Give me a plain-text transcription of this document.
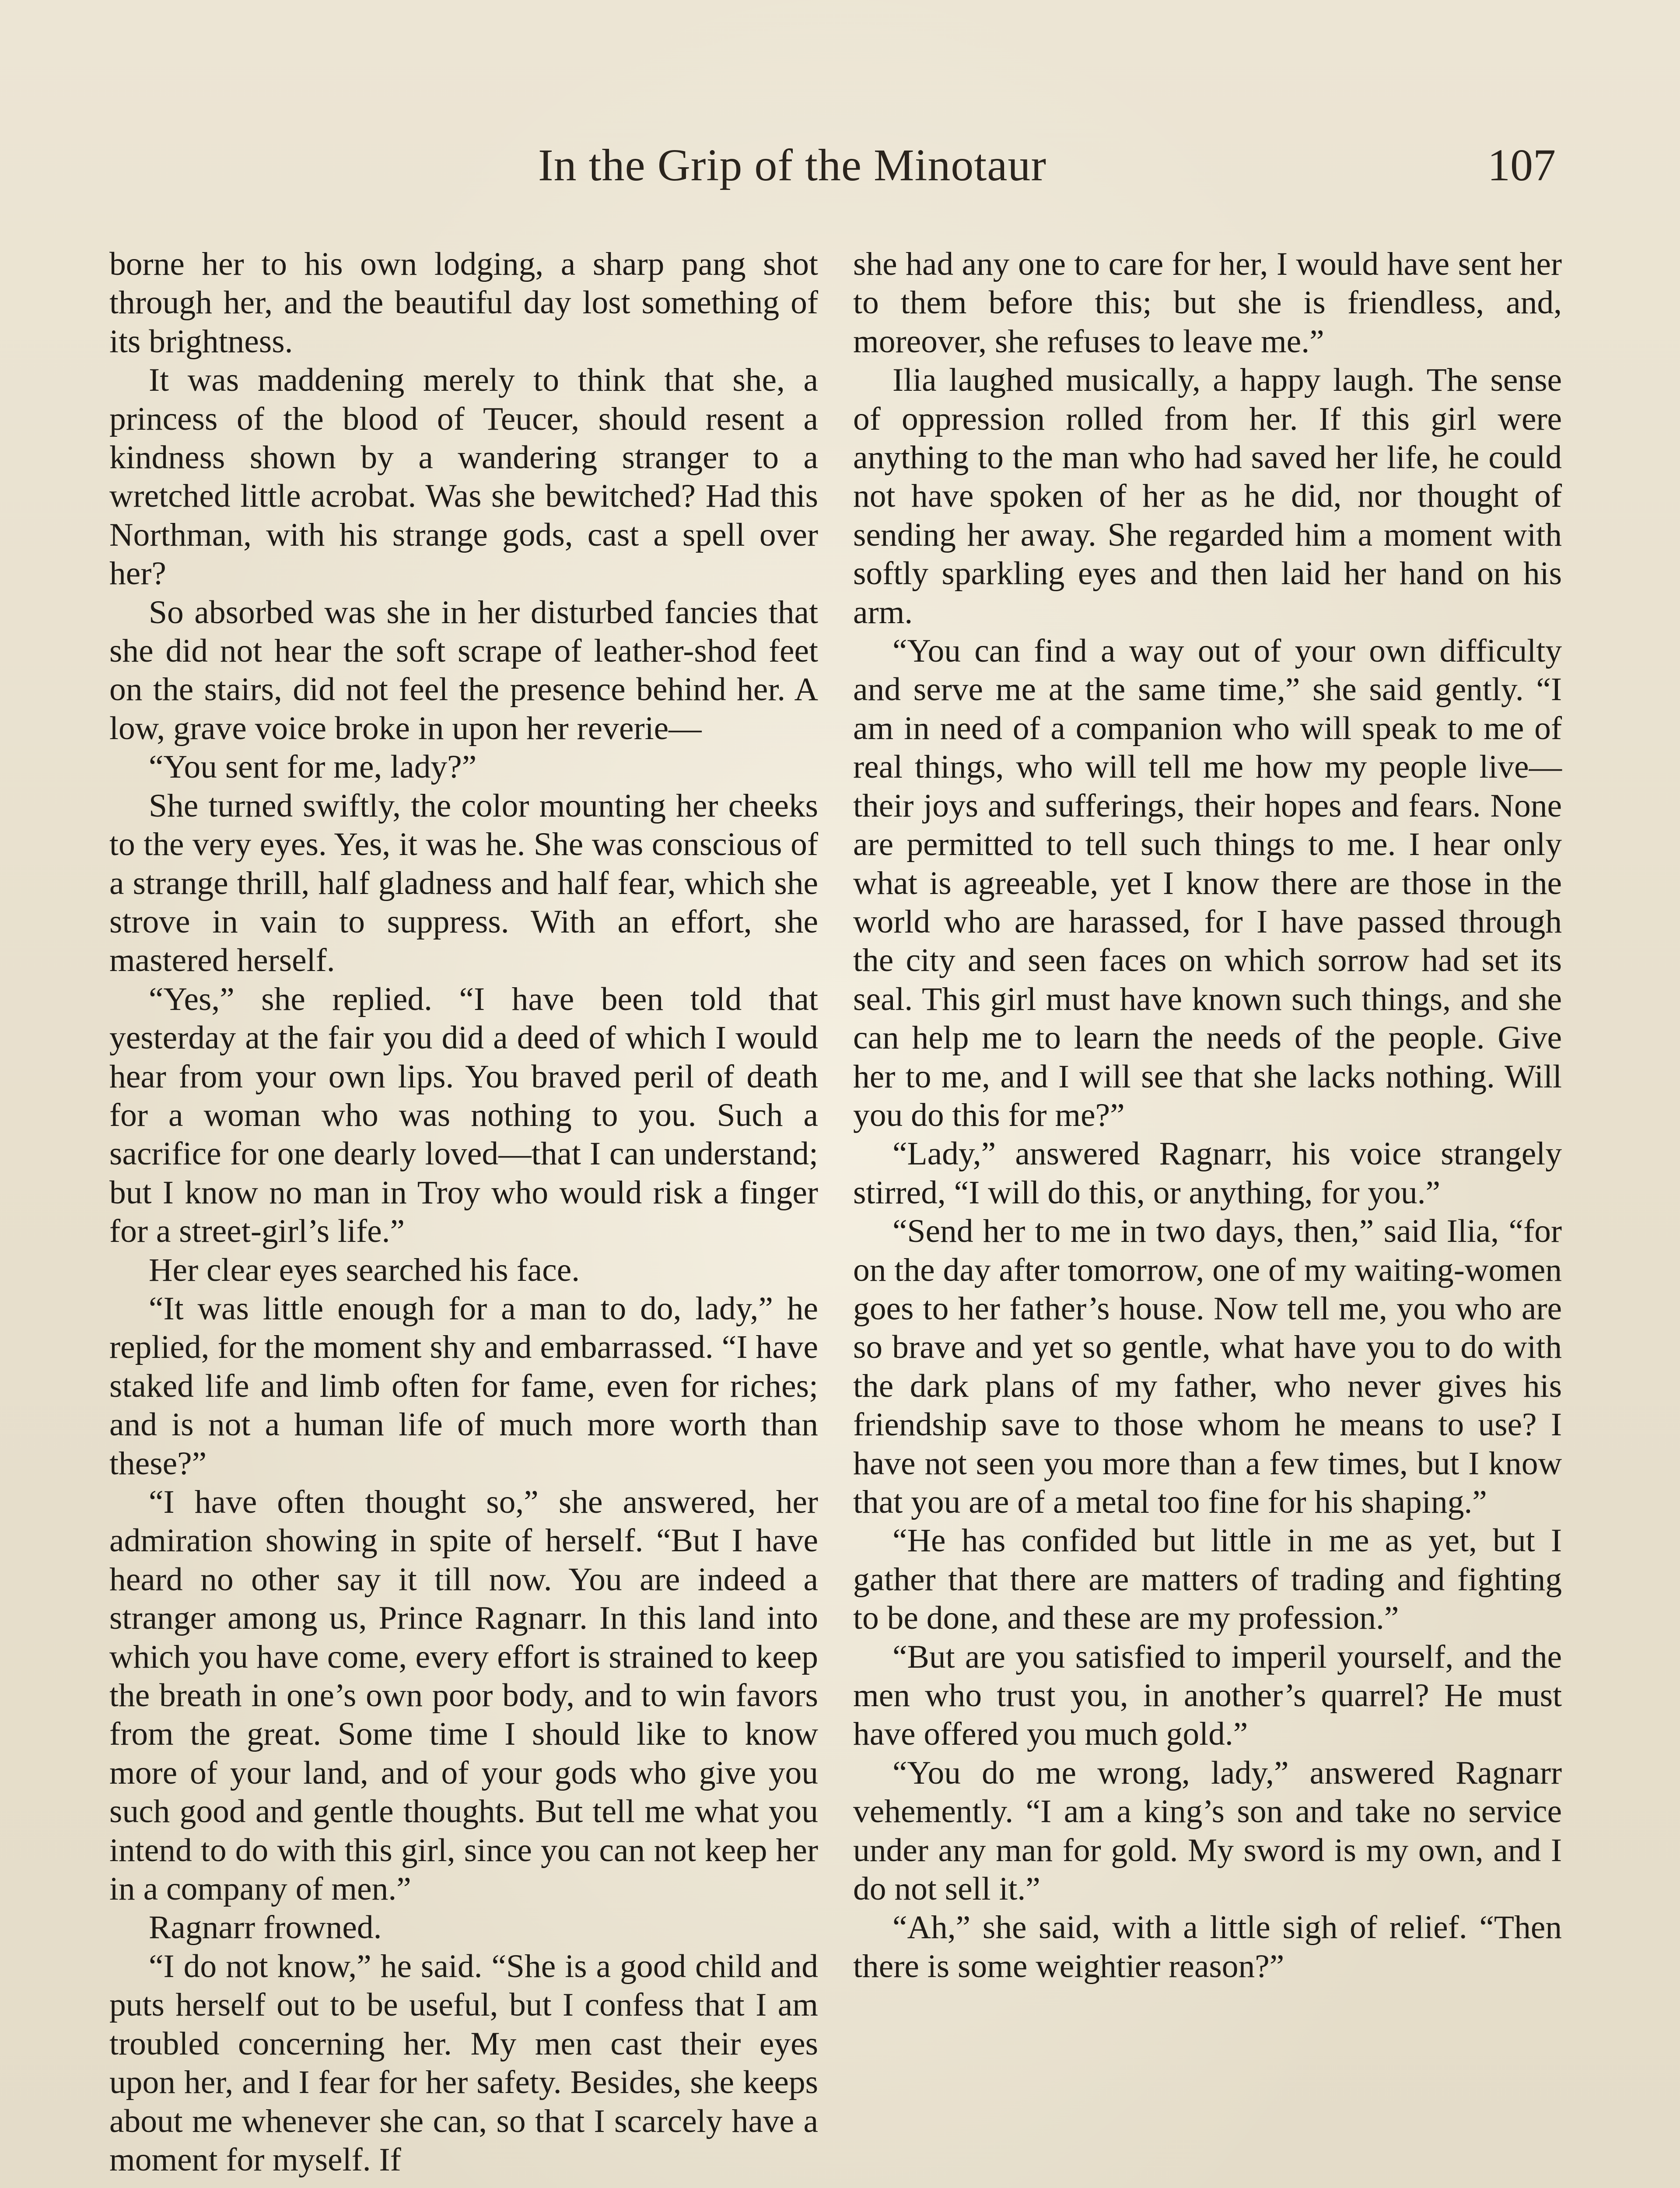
In the Grip of the Minotaur	107

borne her to his own lodging, a sharp pang shot through her, and the beautiful day lost something of its brightness.

It was maddening merely to think that she, a princess of the blood of Teucer, should resent a kindness shown by a wandering stranger to a wretched little acrobat. Was she bewitched? Had this Northman, with his strange gods, cast a spell over her?

So absorbed was she in her disturbed fancies that she did not hear the soft scrape of leather-shod feet on the stairs, did not feel the presence behind her. A low, grave voice broke in upon her reverie—

“You sent for me, lady?”

She turned swiftly, the color mounting her cheeks to the very eyes. Yes, it was he. She was conscious of a strange thrill, half gladness and half fear, which she strove in vain to suppress. With an effort, she mastered herself.

“Yes,” she replied. “I have been told that yesterday at the fair you did a deed of which I would hear from your own lips. You braved peril of death for a woman who was nothing to you. Such a sacrifice for one dearly loved—that I can understand; but I know no man in Troy who would risk a finger for a street-girl’s life.”

Her clear eyes searched his face.

“It was little enough for a man to do, lady,” he replied, for the moment shy and embarrassed. “I have staked life and limb often for fame, even for riches; and is not a human life of much more worth than these?”

“I have often thought so,” she answered, her admiration showing in spite of herself. “But I have heard no other say it till now. You are indeed a stranger among us, Prince Ragnarr. In this land into which you have come, every effort is strained to keep the breath in one’s own poor body, and to win favors from the great. Some time I should like to know more of your land, and of your gods who give you such good and gentle thoughts. But tell me what you intend to do with this girl, since you can not keep her in a company of men.”

Ragnarr frowned.

“I do not know,” he said. “She is a good child and puts herself out to be useful, but I confess that I am troubled concerning her. My men cast their eyes upon her, and I fear for her safety. Besides, she keeps about me whenever she can, so that I scarcely have a moment for myself. If

she had any one to care for her, I would have sent her to them before this; but she is friendless, and, moreover, she refuses to leave me.”

Ilia laughed musically, a happy laugh. The sense of oppression rolled from her. If this girl were anything to the man who had saved her life, he could not have spoken of her as he did, nor thought of sending her away. She regarded him a moment with softly sparkling eyes and then laid her hand on his arm.

“You can find a way out of your own difficulty and serve me at the same time,” she said gently. “I am in need of a companion who will speak to me of real things, who will tell me how my people live—their joys and sufferings, their hopes and fears. None are permitted to tell such things to me. I hear only what is agreeable, yet I know there are those in the world who are harassed, for I have passed through the city and seen faces on which sorrow had set its seal. This girl must have known such things, and she can help me to learn the needs of the people. Give her to me, and I will see that she lacks nothing. Will you do this for me?”

“Lady,” answered Ragnarr, his voice strangely stirred, “I will do this, or anything, for you.”

“Send her to me in two days, then,” said Ilia, “for on the day after tomorrow, one of my waiting-women goes to her father’s house. Now tell me, you who are so brave and yet so gentle, what have you to do with the dark plans of my father, who never gives his friendship save to those whom he means to use? I have not seen you more than a few times, but I know that you are of a metal too fine for his shaping.”

“He has confided but little in me as yet, but I gather that there are matters of trading and fighting to be done, and these are my profession.”

“But are you satisfied to imperil yourself, and the men who trust you, in another’s quarrel? He must have offered you much gold.”

“You do me wrong, lady,” answered Ragnarr vehemently. “I am a king’s son and take no service under any man for gold. My sword is my own, and I do not sell it.”

“Ah,” she said, with a little sigh of relief. “Then there is some weightier reason?”
